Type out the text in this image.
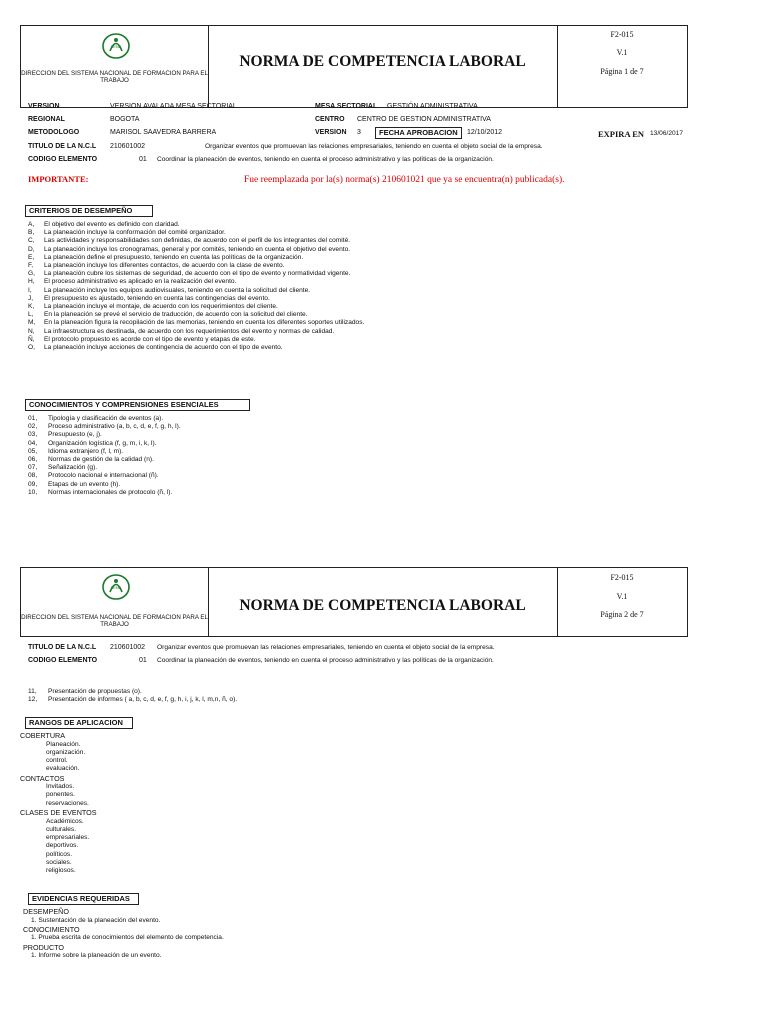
SENA
DIRECCION DEL SISTEMA NACIONAL DE FORMACION PARA EL TRABAJO
NORMA DE COMPETENCIA LABORAL
F2-015
V.1
Página 1 de 7
VERSION	VERSION AVALADA MESA SECTORIAL	MESA SECTORIAL GESTIÓN ADMINISTRATIVA
REGIONAL	BOGOTA	CENTRO CENTRO DE GESTION ADMINISTRATIVA
METODOLOGO	MARISOL SAAVEDRA BARRERA	VERSION 3	FECHA APROBACION	12/10/2012	EXPIRA EN 13/06/2017
TITULO DE LA N.C.L 210601002	Organizar eventos que promuevan las relaciones empresariales, teniendo en cuenta el objeto social de la empresa.
CODIGO ELEMENTO	01 Coordinar la planeación de eventos, teniendo en cuenta el proceso administrativo y las políticas de la organización.
IMPORTANTE:	Fue reemplazada por la(s) norma(s) 210601021 que ya se encuentra(n) publicada(s).
CRITERIOS DE DESEMPEÑO
A, El objetivo del evento es definido con claridad.
B, La planeación incluye la conformación del comité organizador.
C, Las actividades y responsabilidades son definidas, de acuerdo con el perfil de los integrantes del comité.
D, La planeación incluye los cronogramas, general y por comités, teniendo en cuenta el objetivo del evento.
E, La planeación define el presupuesto, teniendo en cuenta las políticas de la organización.
F, La planeación incluye los diferentes contactos, de acuerdo con la clase de evento.
G, La planeación cubre los sistemas de seguridad, de acuerdo con el tipo de evento y normatividad vigente.
H, El proceso administrativo es aplicado en la realización del evento.
I, La planeación incluye los equipos audiovisuales, teniendo en cuenta la solicitud del cliente.
J, El presupuesto es ajustado, teniendo en cuenta las contingencias del evento.
K, La planeación incluye el montaje, de acuerdo con los requerimientos del cliente.
L, En la planeación se prevé el servicio de traducción, de acuerdo con la solicitud del cliente.
M, En la planeación figura la recopilación de las memorias, teniendo en cuenta los diferentes soportes utilizados.
N, La infraestructura es destinada, de acuerdo con los requerimientos del evento y normas de calidad.
Ñ, El protocolo propuesto es acorde con el tipo de evento y etapas de este.
O, La planeación incluye acciones de contingencia de acuerdo con el tipo de evento.
CONOCIMIENTOS Y COMPRENSIONES ESENCIALES
01, Tipología y clasificación de eventos (a).
02, Proceso administrativo (a, b, c, d, e, f, g, h, l).
03, Presupuesto (e, j).
04, Organización logística (f, g, m, i, k, l).
05, Idioma extranjero (f, l, m).
06, Normas de gestión de la calidad (n).
07, Señalización (g).
08, Protocolo nacional e internacional (ñ).
09, Etapas de un evento (h).
10, Normas internacionales de protocolo (ñ, l).
SENA
DIRECCION DEL SISTEMA NACIONAL DE FORMACION PARA EL TRABAJO
NORMA DE COMPETENCIA LABORAL
F2-015
V.1
Página 2 de 7
TITULO DE LA N.C.L 210601002 Organizar eventos que promuevan las relaciones empresariales, teniendo en cuenta el objeto social de la empresa.
CODIGO ELEMENTO	01 Coordinar la planeación de eventos, teniendo en cuenta el proceso administrativo y las políticas de la organización.
11, Presentación de propuestas (o).
12, Presentación de informes ( a, b, c, d, e, f, g, h, i, j, k, l, m,n, ñ, o).
RANGOS DE APLICACION
COBERTURA
Planeación.
organización.
control.
evaluación.
CONTACTOS
Invitados.
ponentes.
reservaciones.
CLASES DE EVENTOS
Académicos.
culturales.
empresariales.
deportivos.
políticos.
sociales.
religiosos.
EVIDENCIAS REQUERIDAS
DESEMPEÑO
1. Sustentación de la planeación del evento.
CONOCIMIENTO
1. Prueba escrita de conocimientos del elemento de competencia.
PRODUCTO
1. Informe sobre la planeación de un evento.
